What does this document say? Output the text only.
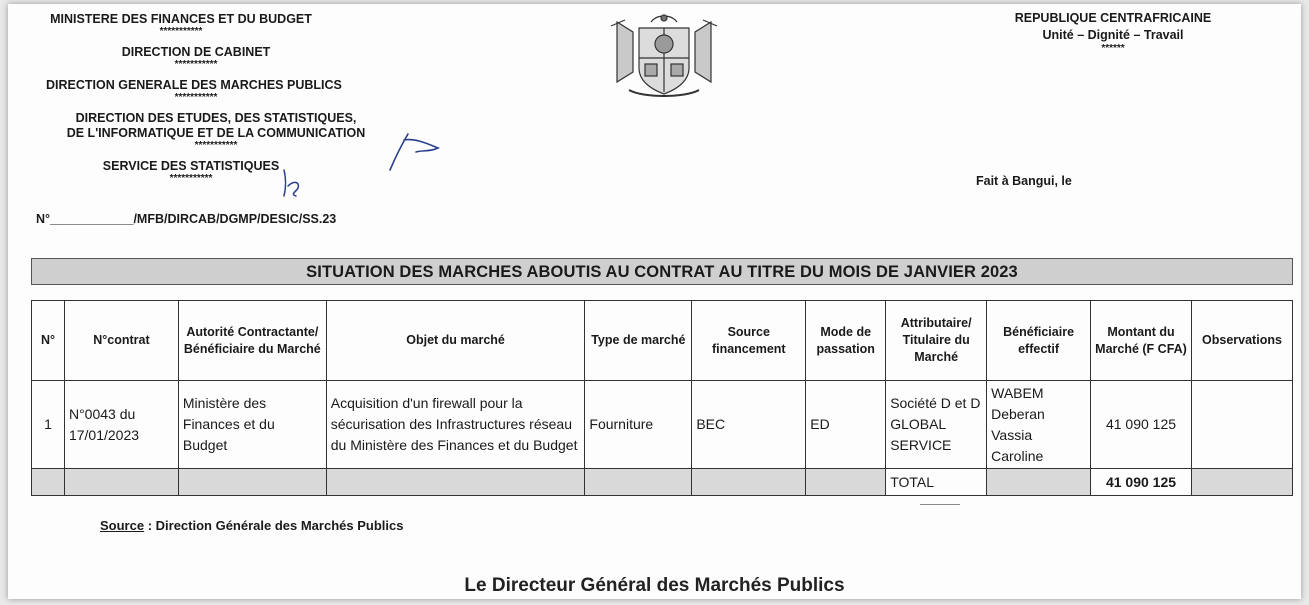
MINISTERE DES FINANCES ET DU BUDGET
***********
DIRECTION DE CABINET
***********
DIRECTION GENERALE DES MARCHES PUBLICS
***********
DIRECTION DES ETUDES, DES STATISTIQUES,
DE L'INFORMATIQUE ET DE LA COMMUNICATION
***********
SERVICE DES STATISTIQUES
***********
N°____________/MFB/DIRCAB/DGMP/DESIC/SS.23
REPUBLIQUE CENTRAFRICAINE
Unité – Dignité – Travail
******
Fait à Bangui, le
SITUATION DES MARCHES ABOUTIS AU CONTRAT AU TITRE DU MOIS DE JANVIER 2023
N°	N°contrat	Autorité Contractante/ Bénéficiaire du Marché	Objet du marché	Type de marché	Source financement	Mode de passation	Attributaire/ Titulaire du Marché	Bénéficiaire effectif	Montant du Marché (F CFA)	Observations
1	N°0043 du 17/01/2023	Ministère des Finances et du Budget	Acquisition d'un firewall pour la sécurisation des Infrastructures réseau du Ministère des Finances et du Budget	Fourniture	BEC	ED	Société D et D GLOBAL SERVICE	WABEM Deberan Vassia Caroline	41 090 125	
							TOTAL		41 090 125	
Source : Direction Générale des Marchés Publics
Le Directeur Général des Marchés Publics
